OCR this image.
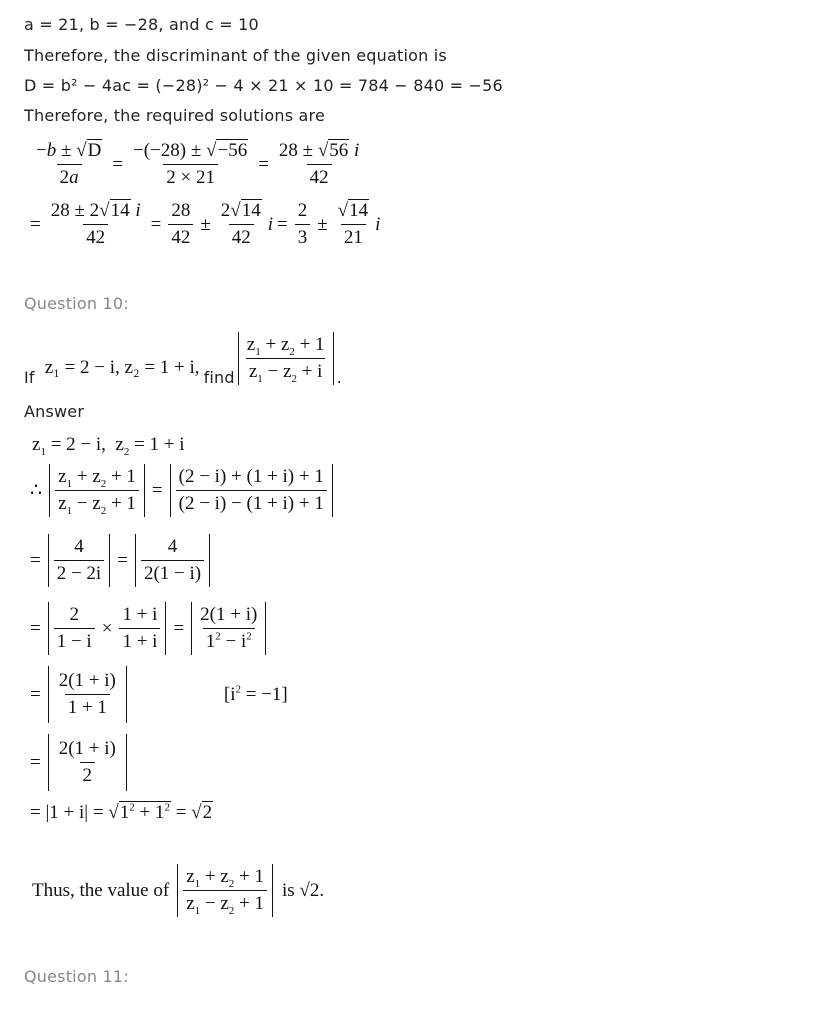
a = 21, b = −28, and c = 10
Therefore, the discriminant of the given equation is
D = b² − 4ac = (−28)² − 4 × 21 × 10 = 784 − 840 = −56
Therefore, the required solutions are
$\frac{-b \pm √D}{2a} = \frac{-(-28) \pm √-56}{2 \times 21} = \frac{28 \pm √56 i}{42}$
= $\frac{28 \pm 2√14 i}{42} = \frac{28}{42} \pm \frac{2√14}{42}$ $i = \frac{2}{3} \pm \frac{√14}{21}$ i
Question 10:
If z₁ = 2 − i, z₂ = 1 + i, find $\frac{z_1 + z_2 + 1}{z_1 - z_2 + i}$ .
Answer
$z_1 = 2 - i$,  $z_2 = 1 + i$
∴ $\frac{z_1 + z_2 + 1}{z_1 - z_2 + 1} = \frac{(2 - i) + (1 + i) + 1}{(2 - i) - (1 + i) + 1}$
= $\frac{4}{2 - 2i} = \frac{4}{2(1 - i)}$
= $\frac{2}{1 - i} \times \frac{1 + i}{1 + i} = \frac{2(1 + i)}{1^2 - i^2}$
= $\frac{2(1 + i)}{1 + 1}$	$[i^2 = -1]$
= $\frac{2(1 + i)}{2}$
= $|1 + i| = √1^2 + 1^2 = √2$
Thus, the value of $\frac{z_1 + z_2 + 1}{z_1 - z_2 + 1}$ is √2.
Question 11:
